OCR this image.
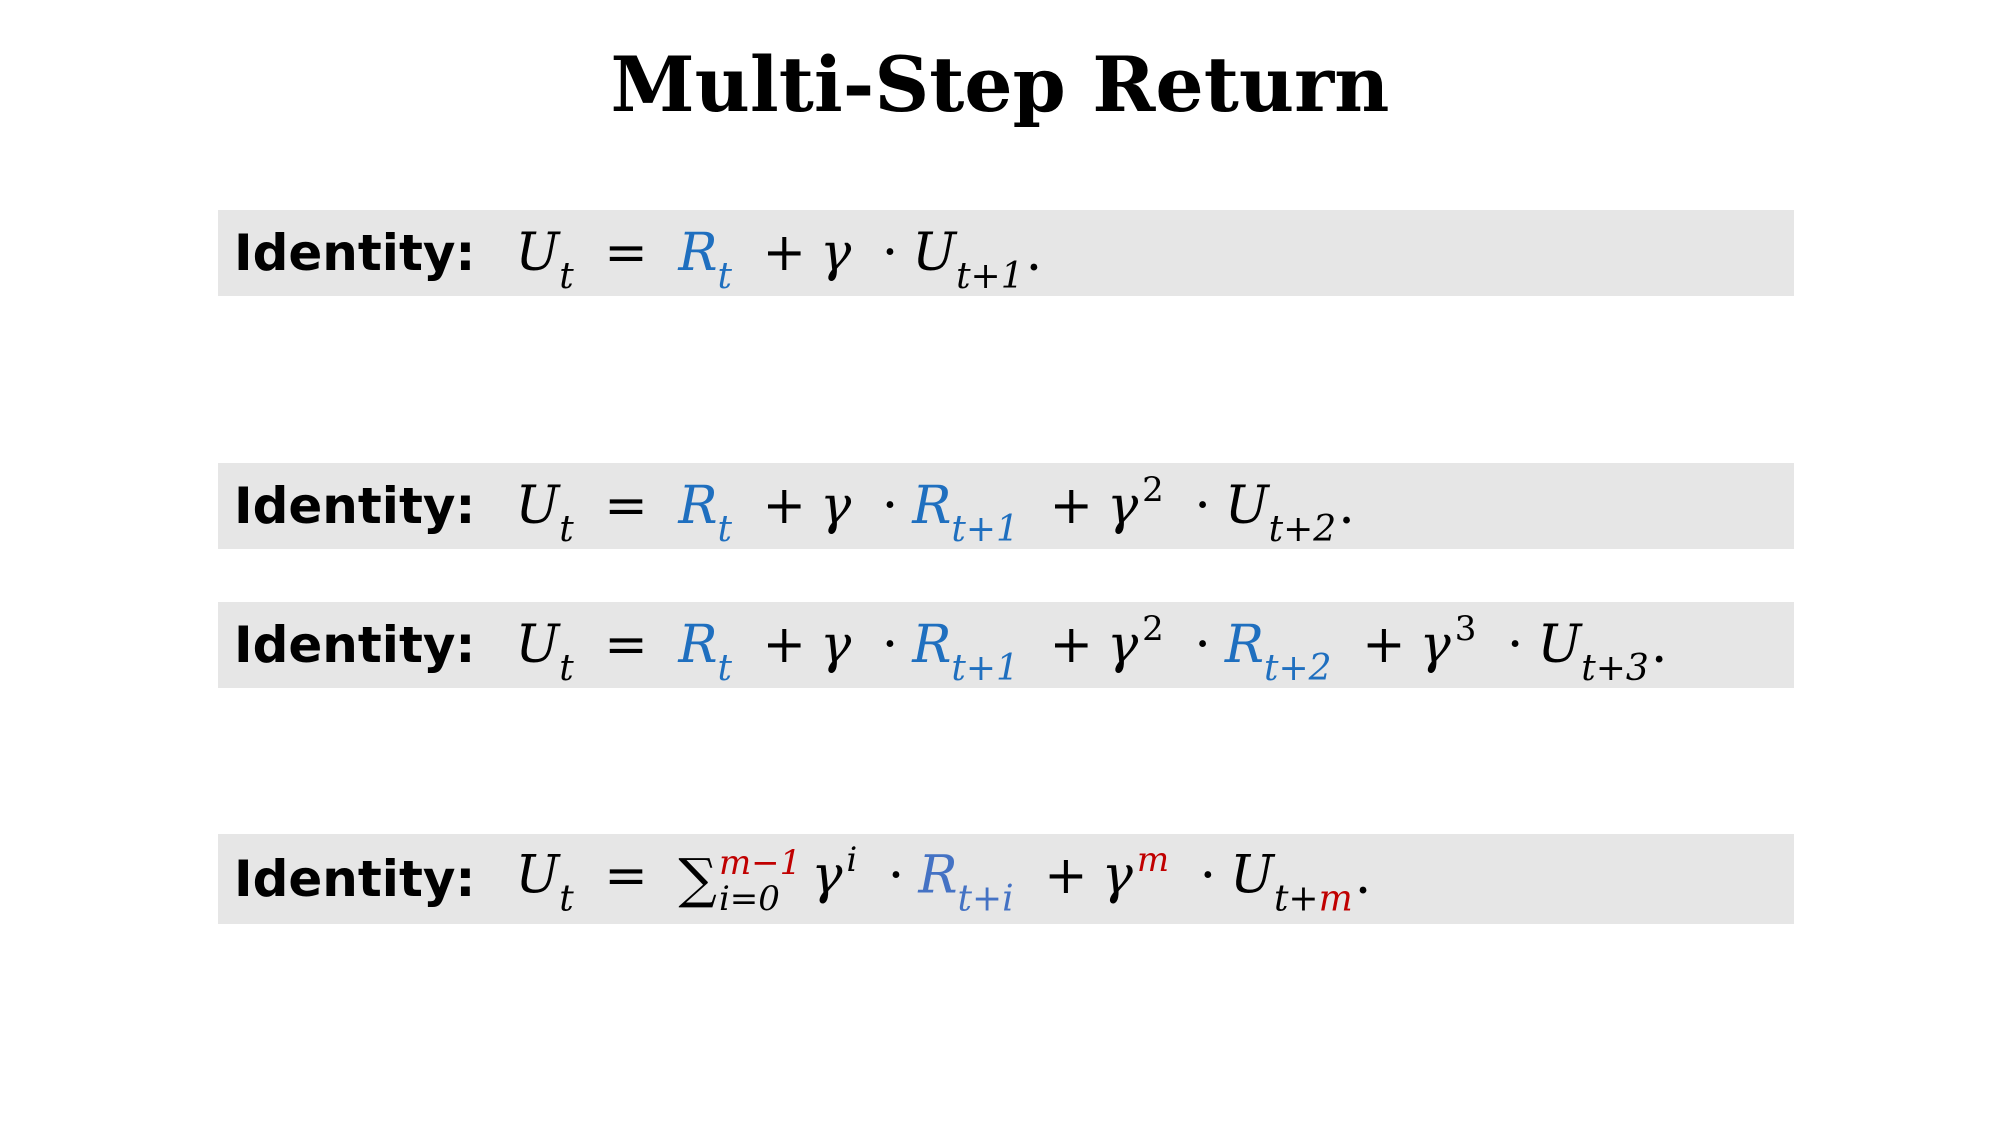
Multi-Step Return
Identity: $U_t = R_t + \gamma \cdot U_{t+1}$.
Identity: $U_t = R_t + \gamma \cdot R_{t+1} + \gamma$ $^2 \cdot U_{t+2}$.
Identity: $U_t = R_t + \gamma \cdot R_{t+1} + \gamma$ $^2 \cdot R_{t+2} + \gamma$ $^3 \cdot U_{t+3}$.
Identity: $U_t$ = ∑ m−1
i=0 γ $^i \cdot R_{t+i} + \gamma$ $^m \cdot U_{t+m}$.
